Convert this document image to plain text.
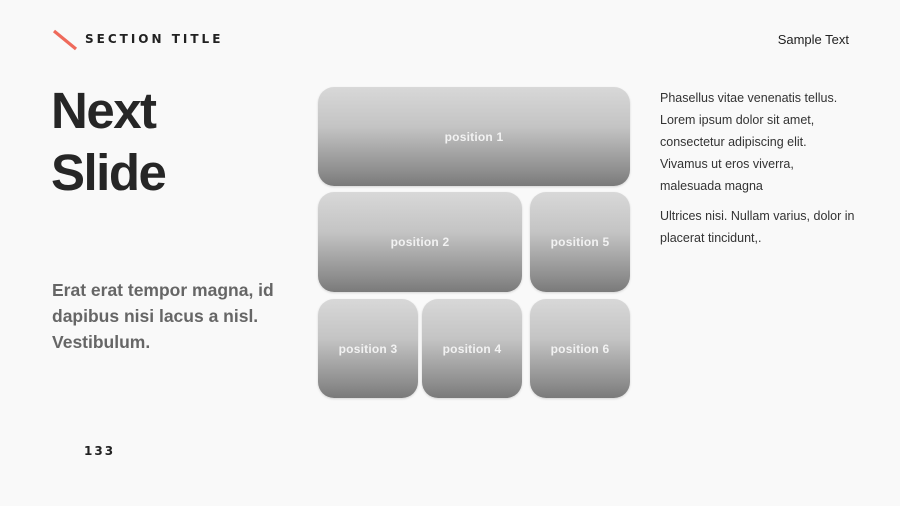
SECTION TITLE	Sample Text
Next
Slide
Erat erat tempor magna, id dapibus nisi lacus a nisl. Vestibulum.
133
position 1
position 2	position 5
position 3	position 4	position 6

Phasellus vitae venenatis tellus. Lorem ipsum dolor sit amet, consectetur adipiscing elit. Vivamus ut eros viverra, malesuada magna

Ultrices nisi. Nullam varius, dolor in placerat tincidunt,.
